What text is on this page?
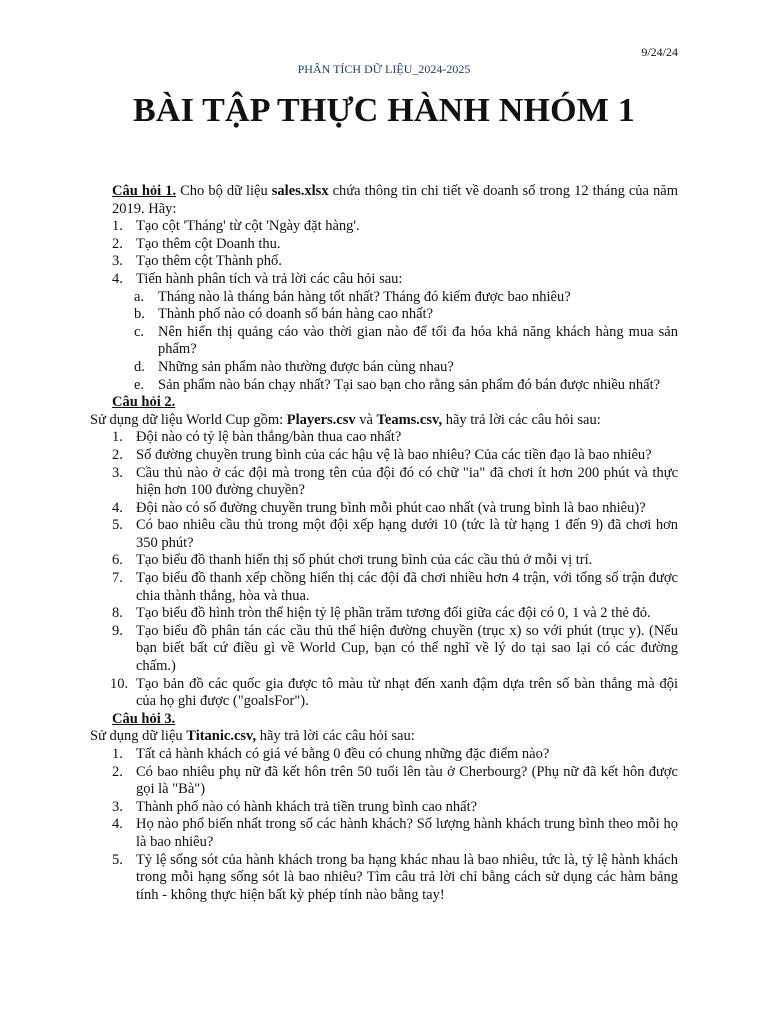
9/24/24
PHÂN TÍCH DỮ LIỆU_2024-2025
BÀI TẬP THỰC HÀNH NHÓM 1
Câu hỏi 1. Cho bộ dữ liệu sales.xlsx chứa thông tin chi tiết về doanh số trong 12 tháng của năm 2019. Hãy:
1. Tạo cột 'Tháng' từ cột 'Ngày đặt hàng'.
2. Tạo thêm cột Doanh thu.
3. Tạo thêm cột Thành phố.
4. Tiến hành phân tích và trả lời các câu hỏi sau:
a. Tháng nào là tháng bán hàng tốt nhất? Tháng đó kiếm được bao nhiêu?
b. Thành phố nào có doanh số bán hàng cao nhất?
c. Nên hiển thị quảng cáo vào thời gian nào để tối đa hóa khả năng khách hàng mua sản phẩm?
d. Những sản phẩm nào thường được bán cùng nhau?
e. Sản phẩm nào bán chạy nhất? Tại sao bạn cho rằng sản phẩm đó bán được nhiều nhất?
Câu hỏi 2.
Sử dụng dữ liệu World Cup gồm: Players.csv và Teams.csv, hãy trả lời các câu hỏi sau:
1. Đội nào có tỷ lệ bàn thắng/bàn thua cao nhất?
2. Số đường chuyền trung bình của các hậu vệ là bao nhiêu? Của các tiền đạo là bao nhiêu?
3. Cầu thủ nào ở các đội mà trong tên của đội đó có chữ "ia" đã chơi ít hơn 200 phút và thực hiện hơn 100 đường chuyền?
4. Đội nào có số đường chuyền trung bình mỗi phút cao nhất (và trung bình là bao nhiêu)?
5. Có bao nhiêu cầu thủ trong một đội xếp hạng dưới 10 (tức là từ hạng 1 đến 9) đã chơi hơn 350 phút?
6. Tạo biểu đồ thanh hiển thị số phút chơi trung bình của các cầu thủ ở mỗi vị trí.
7. Tạo biểu đồ thanh xếp chồng hiển thị các đội đã chơi nhiều hơn 4 trận, với tổng số trận được chia thành thắng, hòa và thua.
8. Tạo biểu đồ hình tròn thể hiện tỷ lệ phần trăm tương đối giữa các đội có 0, 1 và 2 thẻ đỏ.
9. Tạo biểu đồ phân tán các cầu thủ thể hiện đường chuyền (trục x) so với phút (trục y). (Nếu bạn biết bất cứ điều gì về World Cup, bạn có thể nghĩ về lý do tại sao lại có các đường chấm.)
10. Tạo bản đồ các quốc gia được tô màu từ nhạt đến xanh đậm dựa trên số bàn thắng mà đội của họ ghi được ("goalsFor").
Câu hỏi 3.
Sử dụng dữ liệu Titanic.csv, hãy trả lời các câu hỏi sau:
1. Tất cả hành khách có giá vé bằng 0 đều có chung những đặc điểm nào?
2. Có bao nhiêu phụ nữ đã kết hôn trên 50 tuổi lên tàu ở Cherbourg? (Phụ nữ đã kết hôn được gọi là "Bà")
3. Thành phố nào có hành khách trả tiền trung bình cao nhất?
4. Họ nào phổ biến nhất trong số các hành khách? Số lượng hành khách trung bình theo mỗi họ là bao nhiêu?
5. Tỷ lệ sống sót của hành khách trong ba hạng khác nhau là bao nhiêu, tức là, tỷ lệ hành khách trong mỗi hạng sống sót là bao nhiêu? Tìm câu trả lời chỉ bằng cách sử dụng các hàm bảng tính - không thực hiện bất kỳ phép tính nào bằng tay!
